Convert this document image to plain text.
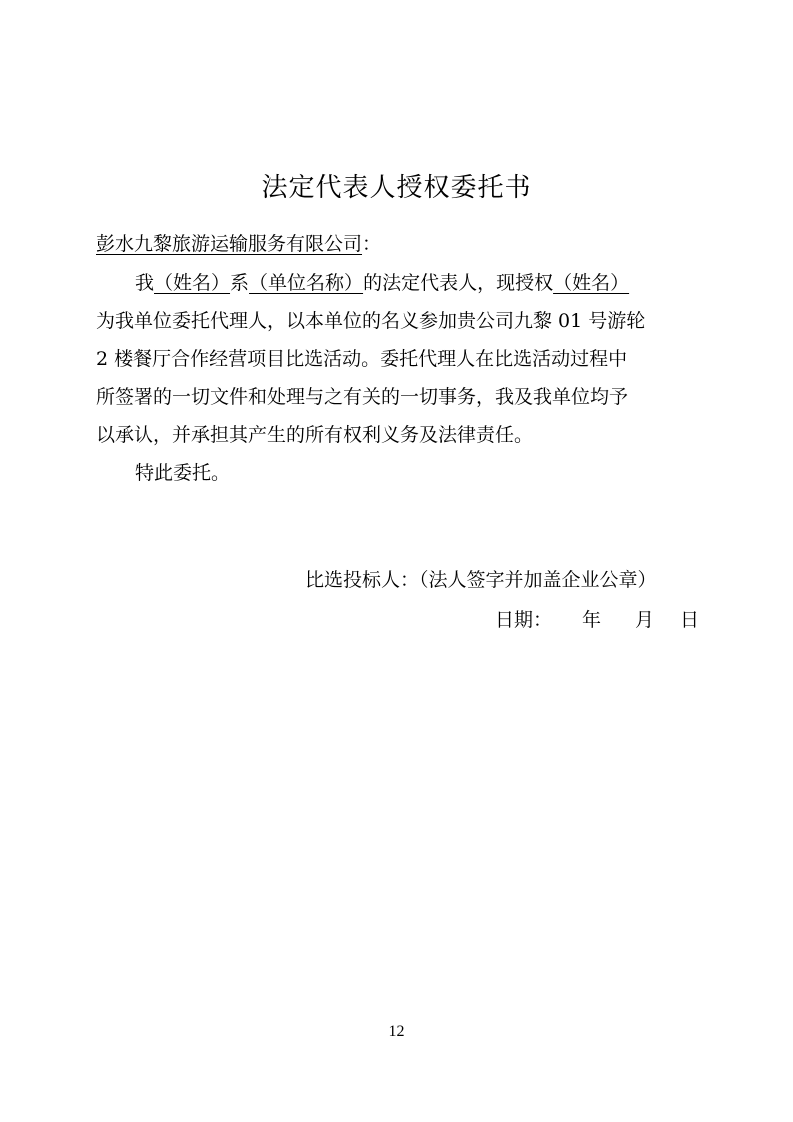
法定代表人授权委托书
彭水九黎旅游运输服务有限公司：
我（姓名）系（单位名称）的法定代表人，现授权（姓名）
为我单位委托代理人，以本单位的名义参加贵公司九黎 01 号游轮
2 楼餐厅合作经营项目比选活动。委托代理人在比选活动过程中
所签署的一切文件和处理与之有关的一切事务，我及我单位均予
以承认，并承担其产生的所有权利义务及法律责任。
特此委托。
比选投标人：（法人签字并加盖企业公章）
日期： 年 月 日
12
